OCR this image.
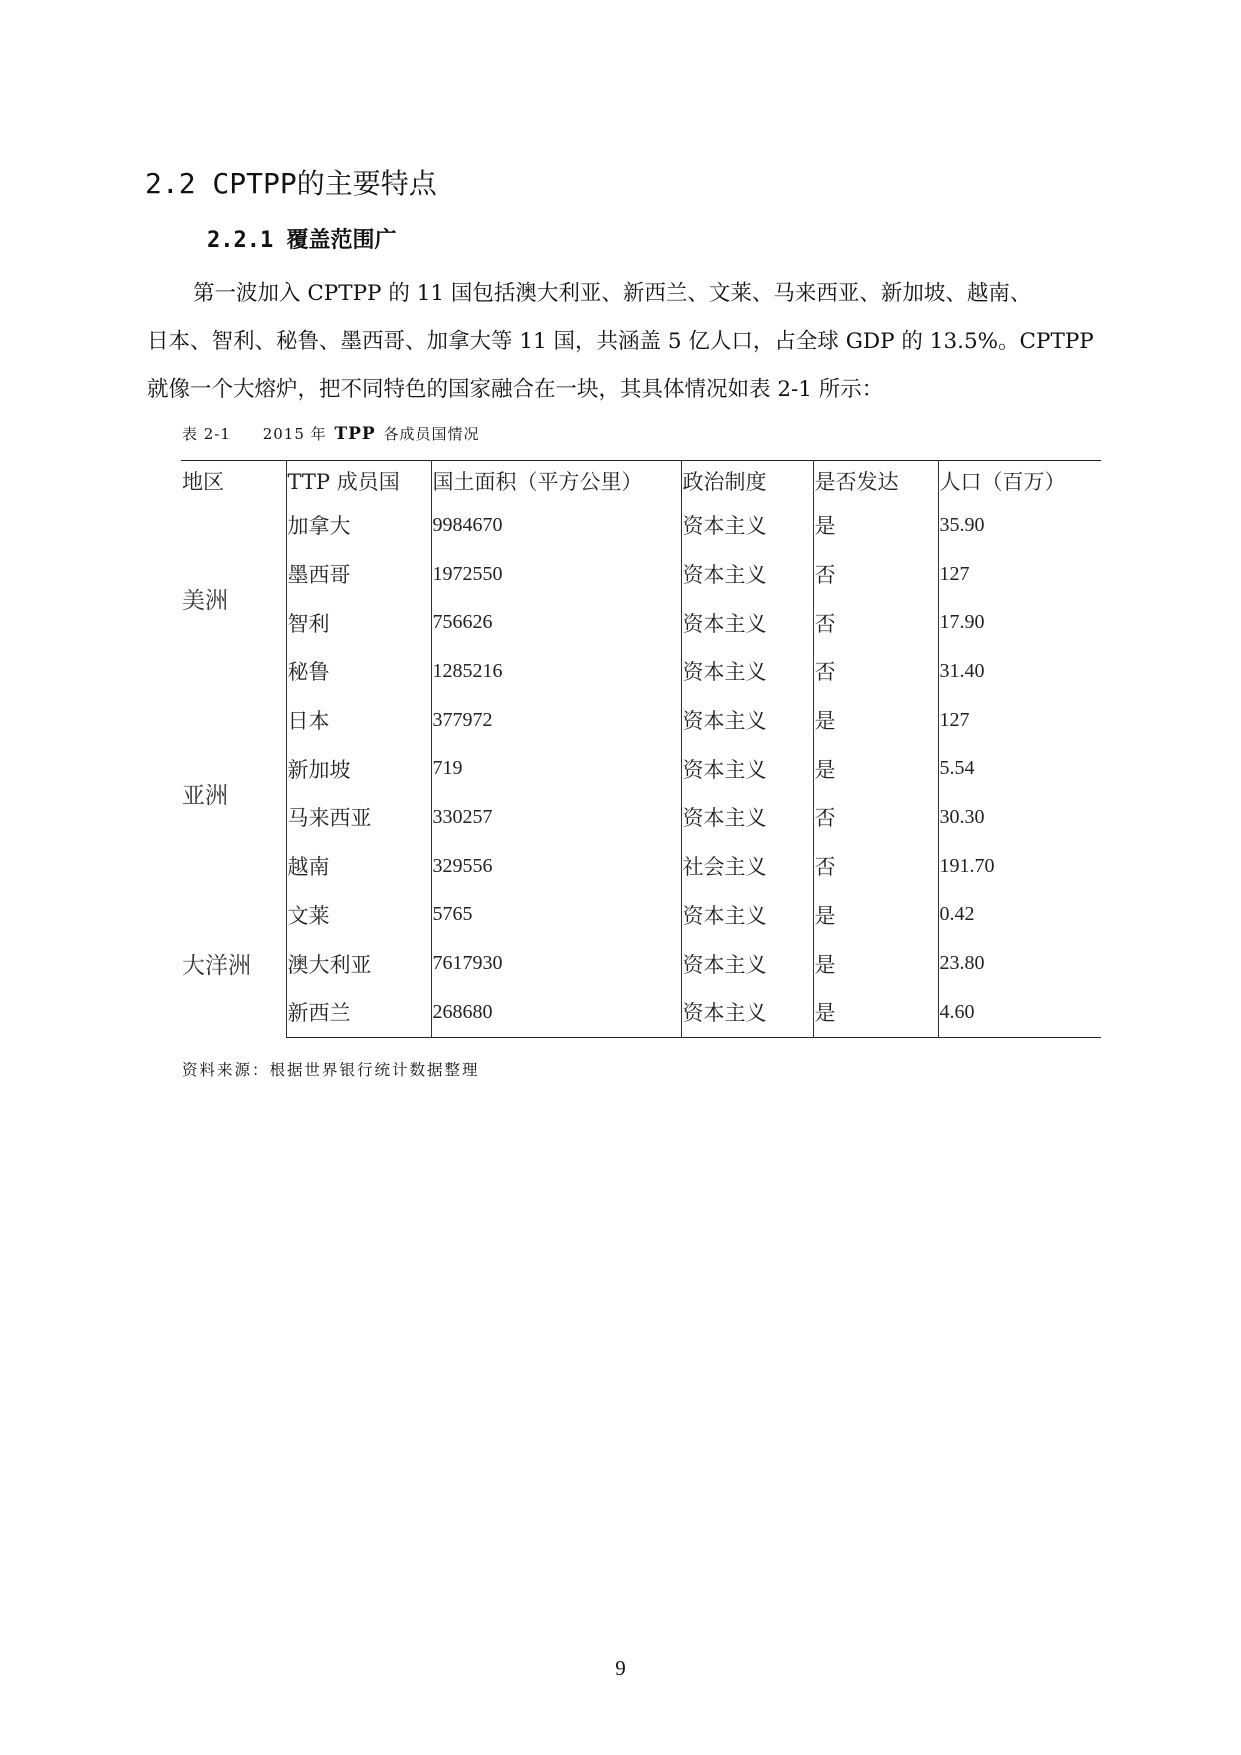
2.2 CPTPP的主要特点
2.2.1 覆盖范围广

第一波加入 CPTPP 的 11 国包括澳大利亚、新西兰、文莱、马来西亚、新加坡、越南、
日本、智利、秘鲁、墨西哥、加拿大等 11 国，共涵盖 5 亿人口，占全球 GDP 的 13.5%。CPTPP
就像一个大熔炉，把不同特色的国家融合在一块，其具体情况如表 2-1 所示：

表 2-1 2015 年 TPP 各成员国情况
地区	TTP 成员国	国土面积（平方公里）	政治制度	是否发达	人口（百万）
美洲	加拿大	9984670	资本主义	是	35.90
	墨西哥	1972550	资本主义	否	127
	智利	756626	资本主义	否	17.90
	秘鲁	1285216	资本主义	否	31.40
亚洲	日本	377972	资本主义	是	127
	新加坡	719	资本主义	是	5.54
	马来西亚	330257	资本主义	否	30.30
	越南	329556	社会主义	否	191.70
大洋洲	文莱	5765	资本主义	是	0.42
	澳大利亚	7617930	资本主义	是	23.80
	新西兰	268680	资本主义	是	4.60
资料来源：根据世界银行统计数据整理
9
